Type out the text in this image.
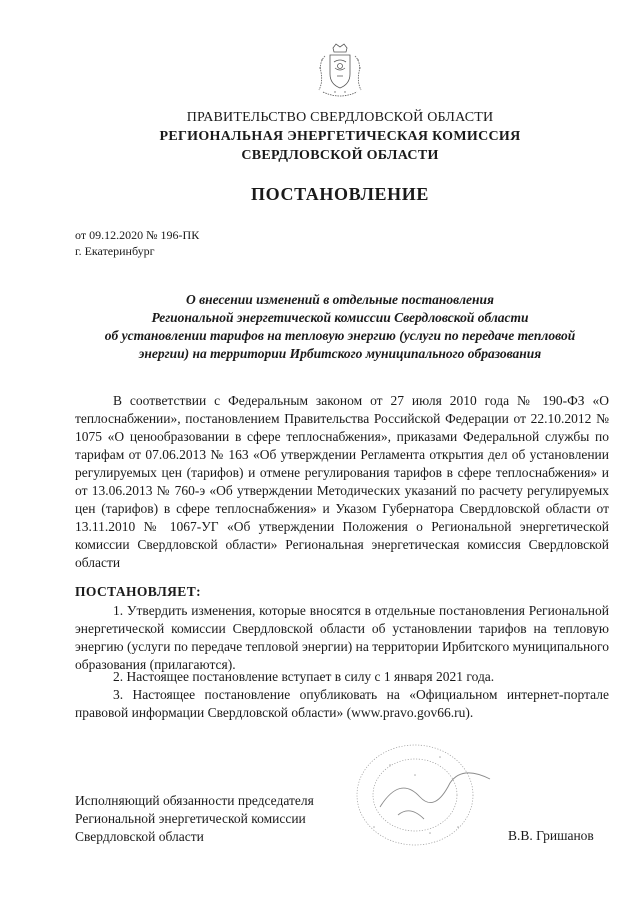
ПРАВИТЕЛЬСТВО СВЕРДЛОВСКОЙ ОБЛАСТИ
РЕГИОНАЛЬНАЯ ЭНЕРГЕТИЧЕСКАЯ КОМИССИЯ
СВЕРДЛОВСКОЙ ОБЛАСТИ
ПОСТАНОВЛЕНИЕ
от 09.12.2020 № 196-ПК
г. Екатеринбург
О внесении изменений в отдельные постановления
Региональной энергетической комиссии Свердловской области
об установлении тарифов на тепловую энергию (услуги по передаче тепловой
энергии) на территории Ирбитского муниципального образования
В соответствии с Федеральным законом от 27 июля 2010 года № 190-ФЗ «О теплоснабжении», постановлением Правительства Российской Федерации от 22.10.2012 № 1075 «О ценообразовании в сфере теплоснабжения», приказами Федеральной службы по тарифам от 07.06.2013 № 163 «Об утверждении Регламента открытия дел об установлении регулируемых цен (тарифов) и отмене регулирования тарифов в сфере теплоснабжения» и от 13.06.2013 № 760-э «Об утверждении Методических указаний по расчету регулируемых цен (тарифов) в сфере теплоснабжения» и Указом Губернатора Свердловской области от 13.11.2010 № 1067-УГ «Об утверждении Положения о Региональной энергетической комиссии Свердловской области» Региональная энергетическая комиссия Свердловской области
ПОСТАНОВЛЯЕТ:
1. Утвердить изменения, которые вносятся в отдельные постановления Региональной энергетической комиссии Свердловской области об установлении тарифов на тепловую энергию (услуги по передаче тепловой энергии) на территории Ирбитского муниципального образования (прилагаются).
2. Настоящее постановление вступает в силу с 1 января 2021 года.
3. Настоящее постановление опубликовать на «Официальном интернет-портале правовой информации Свердловской области» (www.pravo.gov66.ru).
Исполняющий обязанности председателя
Региональной энергетической комиссии
Свердловской области	В.В. Гришанов
